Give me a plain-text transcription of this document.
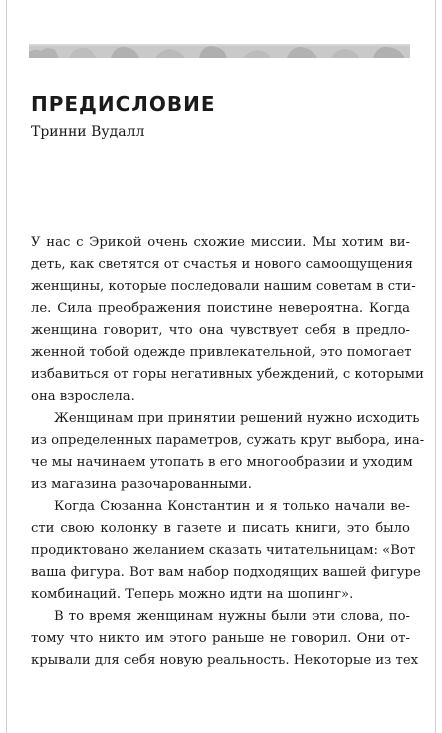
ПРЕДИСЛОВИЕ
Тринни Вудалл
У нас с Эрикой очень схожие миссии. Мы хотим ви-
деть, как светятся от счастья и нового самоощущения
женщины, которые последовали нашим советам в сти-
ле. Сила преображения поистине невероятна. Когда
женщина говорит, что она чувствует себя в предло-
женной тобой одежде привлекательной, это помогает
избавиться от горы негативных убеждений, с которыми
она взрослела.
Женщинам при принятии решений нужно исходить
из определенных параметров, сужать круг выбора, ина-
че мы начинаем утопать в его многообразии и уходим
из магазина разочарованными.
Когда Сюзанна Константин и я только начали ве-
сти свою колонку в газете и писать книги, это было
продиктовано желанием сказать читательницам: «Вот
ваша фигура. Вот вам набор подходящих вашей фигуре
комбинаций. Теперь можно идти на шопинг».
В то время женщинам нужны были эти слова, по-
тому что никто им этого раньше не говорил. Они от-
крывали для себя новую реальность. Некоторые из тех
